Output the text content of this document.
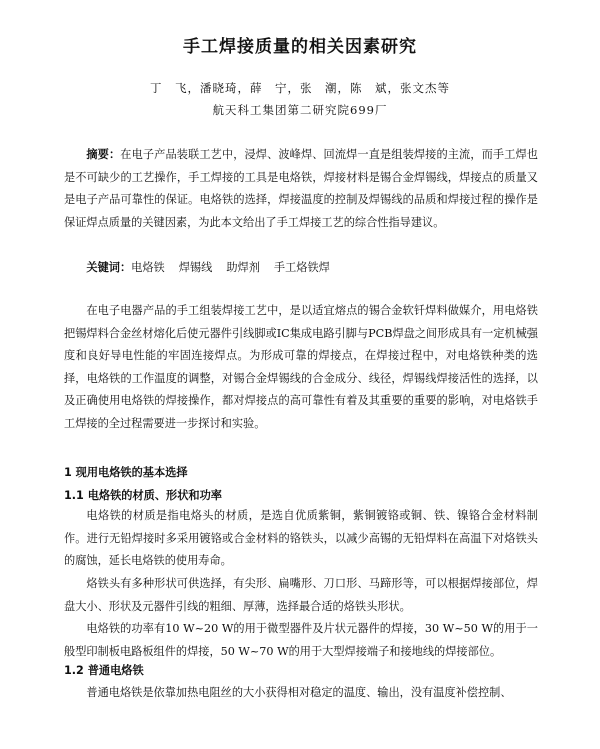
手工焊接质量的相关因素研究
丁　飞，潘晓琦，薛　宁，张　潮，陈　斌，张文杰等
航天科工集团第二研究院699厂
摘要：在电子产品装联工艺中，浸焊、波峰焊、回流焊一直是组装焊接的主流，而手工焊也是不可缺少的工艺操作，手工焊接的工具是电烙铁，焊接材料是锡合金焊锡线，焊接点的质量又是电子产品可靠性的保证。电烙铁的选择，焊接温度的控制及焊锡线的品质和焊接过程的操作是保证焊点质量的关键因素，为此本文给出了手工焊接工艺的综合性指导建议。
关键词：电烙铁 焊锡线 助焊剂 手工烙铁焊
在电子电器产品的手工组装焊接工艺中，是以适宜熔点的锡合金软钎焊料做媒介，用电烙铁把锡焊料合金丝材熔化后使元器件引线脚或IC集成电路引脚与PCB焊盘之间形成具有一定机械强度和良好导电性能的牢固连接焊点。为形成可靠的焊接点，在焊接过程中，对电烙铁种类的选择，电烙铁的工作温度的调整，对锡合金焊锡线的合金成分、线径，焊锡线焊接活性的选择，以及正确使用电烙铁的焊接操作，都对焊接点的高可靠性有着及其重要的重要的影响，对电烙铁手工焊接的全过程需要进一步探讨和实验。
1 现用电烙铁的基本选择
1.1 电烙铁的材质、形状和功率
电烙铁的材质是指电烙头的材质，是选自优质紫铜，紫铜镀铬或铜、铁、镍铬合金材料制作。进行无铅焊接时多采用镀铬或合金材料的铬铁头，以减少高锡的无铅焊料在高温下对烙铁头的腐蚀，延长电烙铁的使用寿命。
烙铁头有多种形状可供选择，有尖形、扁嘴形、刀口形、马蹄形等，可以根据焊接部位，焊盘大小、形状及元器件引线的粗细、厚薄，选择最合适的烙铁头形状。
电烙铁的功率有10 W~20 W的用于微型器件及片状元器件的焊接，30 W~50 W的用于一般型印制板电路板组件的焊接，50 W~70 W的用于大型焊接端子和接地线的焊接部位。
1.2 普通电烙铁
普通电烙铁是依靠加热电阻丝的大小获得相对稳定的温度、输出，没有温度补偿控制、
